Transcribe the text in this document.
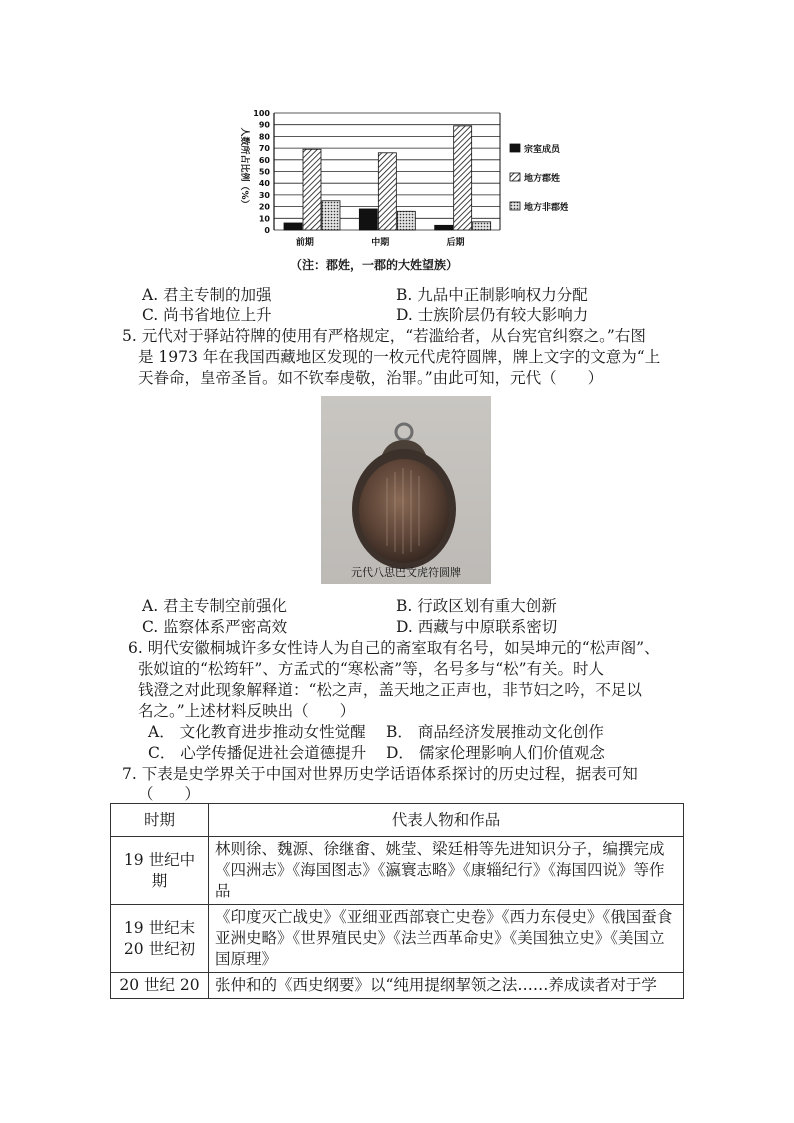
0
10
20
30
40
50
60
70
80
90
100
人数所占比例（%）
前期	中期	后期
宗室成员
地方郡姓
地方非郡姓
（注：郡姓，一郡的大姓望族）
A. 君主专制的加强	B. 九品中正制影响权力分配
C. 尚书省地位上升	D. 士族阶层仍有较大影响力
5. 元代对于驿站符牌的使用有严格规定，“若滥给者，从台宪官纠察之。”右图
是 1973 年在我国西藏地区发现的一枚元代虎符圆牌，牌上文字的文意为“上
天眷命，皇帝圣旨。如不钦奉虔敬，治罪。”由此可知，元代（　　）
元代八思巴文虎符圆牌
A. 君主专制空前强化	B. 行政区划有重大创新
C. 监察体系严密高效	D. 西藏与中原联系密切
6. 明代安徽桐城许多女性诗人为自己的斋室取有名号，如吴坤元的“松声阁”、
张姒谊的“松筠轩”、方孟式的“寒松斋”等，名号多与“松”有关。时人
钱澄之对此现象解释道：“松之声，盖天地之正声也，非节妇之吟，不足以
名之。”上述材料反映出（　　）
A． 文化教育进步推动女性觉醒 B． 商品经济发展推动文化创作
C． 心学传播促进社会道德提升 D． 儒家伦理影响人们价值观念
7. 下表是史学界关于中国对世界历史学话语体系探讨的历史过程，据表可知
（　　）
时期	代表人物和作品
19 世纪中期	林则徐、魏源、徐继畬、姚莹、梁廷枏等先进知识分子，编撰完成《四洲志》《海国图志》《瀛寰志略》《康辎纪行》《海国四说》等作品
19 世纪末 20 世纪初	《印度灭亡战史》《亚细亚西部衰亡史卷》《西力东侵史》《俄国蚕食亚洲史略》《世界殖民史》《法兰西革命史》《美国独立史》《美国立国原理》
20 世纪 20	张仲和的《西史纲要》以“纯用提纲挈领之法……养成读者对于学
